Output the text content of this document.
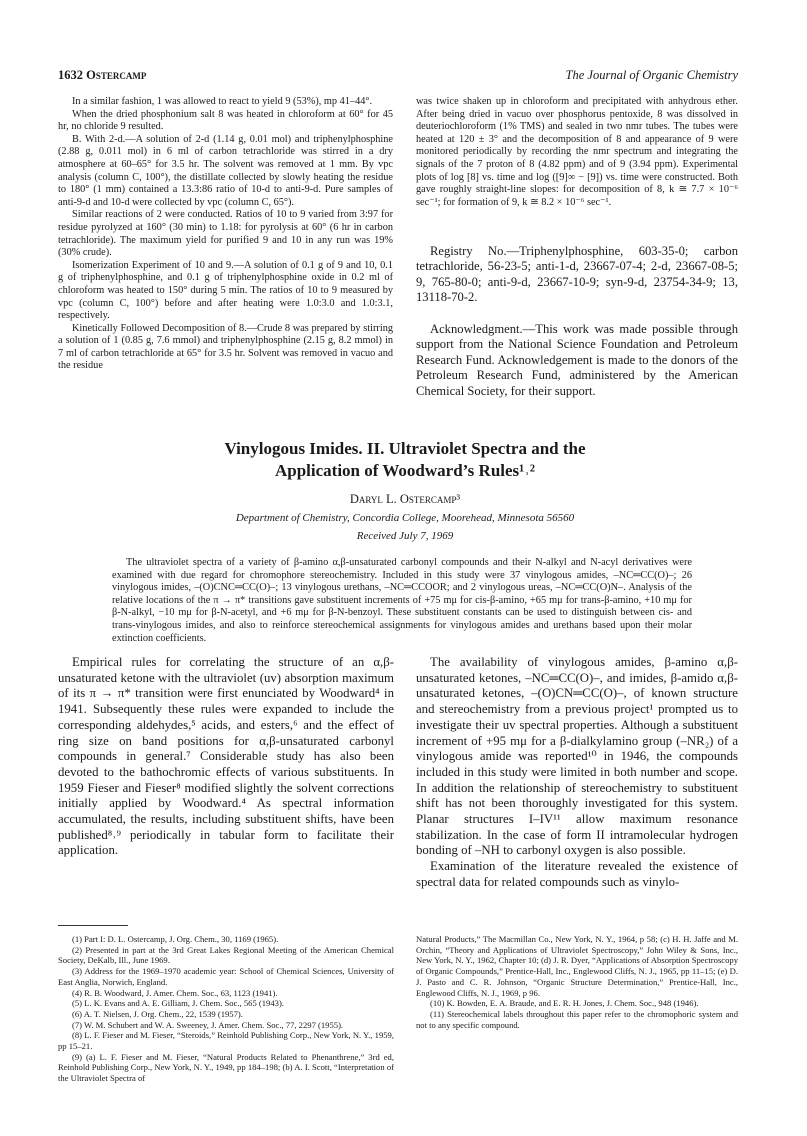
1632 Ostercamp	The Journal of Organic Chemistry

In a similar fashion, 1 was allowed to react to yield 9 (53%), mp 41–44°.

When the dried phosphonium salt 8 was heated in chloroform at 60° for 45 hr, no chloride 9 resulted.

B. With 2-d.—A solution of 2-d (1.14 g, 0.01 mol) and triphenylphosphine (2.88 g, 0.011 mol) in 6 ml of carbon tetrachloride was stirred in a dry atmosphere at 60–65° for 3.5 hr. The solvent was removed at 1 mm. By vpc analysis (column C, 100°), the distillate collected by slowly heating the residue to 180° (1 mm) contained a 13.3:86 ratio of 10-d to anti-9-d. Pure samples of anti-9-d and 10-d were collected by vpc (column C, 65°).

Similar reactions of 2 were conducted. Ratios of 10 to 9 varied from 3:97 for residue pyrolyzed at 160° (30 min) to 1.18: for pyrolysis at 60° (6 hr in carbon tetrachloride). The maximum yield for purified 9 and 10 in any run was 19% (30% crude).

Isomerization Experiment of 10 and 9.—A solution of 0.1 g of 9 and 10, 0.1 g of triphenylphosphine, and 0.1 g of triphenylphosphine oxide in 0.2 ml of chloroform was heated to 150° during 5 min. The ratios of 10 to 9 measured by vpc (column C, 100°) before and after heating were 1.0:3.0 and 1.0:3.1, respectively.

Kinetically Followed Decomposition of 8.—Crude 8 was prepared by stirring a solution of 1 (0.85 g, 7.6 mmol) and triphenylphosphine (2.15 g, 8.2 mmol) in 7 ml of carbon tetrachloride at 65° for 3.5 hr. Solvent was removed in vacuo and the residue

was twice shaken up in chloroform and precipitated with anhydrous ether. After being dried in vacuo over phosphorus pentoxide, 8 was dissolved in deuteriochloroform (1% TMS) and sealed in two nmr tubes. The tubes were heated at 120 ± 3° and the decomposition of 8 and appearance of 9 were monitored periodically by recording the nmr spectrum and integrating the signals of the 7 proton of 8 (4.82 ppm) and of 9 (3.94 ppm). Experimental plots of log [8] vs. time and log ([9]∞ − [9]) vs. time were constructed. Both gave roughly straight-line slopes: for decomposition of 8, k ≅ 7.7 × 10⁻⁶ sec⁻¹; for formation of 9, k ≅ 8.2 × 10⁻⁶ sec⁻¹.

Registry No.—Triphenylphosphine, 603-35-0; carbon tetrachloride, 56-23-5; anti-1-d, 23667-07-4; 2-d, 23667-08-5; 9, 765-80-0; anti-9-d, 23667-10-9; syn-9-d, 23754-34-9; 13, 13118-70-2.

Acknowledgment.—This work was made possible through support from the National Science Foundation and Petroleum Research Fund. Acknowledgement is made to the donors of the Petroleum Research Fund, administered by the American Chemical Society, for their support.

Vinylogous Imides. II. Ultraviolet Spectra and the
Application of Woodward’s Rules¹˒²
Daryl L. Ostercamp³
Department of Chemistry, Concordia College, Moorehead, Minnesota 56560
Received July 7, 1969

The ultraviolet spectra of a variety of β-amino α,β-unsaturated carbonyl compounds and their N-alkyl and N-acyl derivatives were examined with due regard for chromophore stereochemistry. Included in this study were 37 vinylogous amides, –NC═CC(O)–; 26 vinylogous imides, –(O)CNC═CC(O)–; 13 vinylogous urethans, –NC═CCOOR; and 2 vinylogous ureas, –NC═CC(O)N–. Analysis of the relative locations of the π → π* transitions gave substituent increments of +75 mμ for cis-β-amino, +65 mμ for trans-β-amino, +10 mμ for β-N-alkyl, −10 mμ for β-N-acetyl, and +6 mμ for β-N-benzoyl. These substituent constants can be used to distinguish between cis- and trans-vinylogous imides, and also to reinforce stereochemical assignments for vinylogous amides and urethans based upon their molar extinction coefficients.

Empirical rules for correlating the structure of an α,β-unsaturated ketone with the ultraviolet (uv) absorption maximum of its π → π* transition were first enunciated by Woodward⁴ in 1941. Subsequently these rules were expanded to include the corresponding aldehydes,⁵ acids, and esters,⁶ and the effect of ring size on band positions for α,β-unsaturated carbonyl compounds in general.⁷ Considerable study has also been devoted to the bathochromic effects of various substituents. In 1959 Fieser and Fieser⁸ modified slightly the solvent corrections initially applied by Woodward.⁴ As spectral information accumulated, the results, including substituent shifts, have been published⁸˒⁹ periodically in tabular form to facilitate their application.

The availability of vinylogous amides, β-amino α,β-unsaturated ketones, –NC═CC(O)–, and imides, β-amido α,β-unsaturated ketones, –(O)CN═CC(O)–, of known structure and stereochemistry from a previous project¹ prompted us to investigate their uv spectral properties. Although a substituent increment of +95 mμ for a β-dialkylamino group (–NR₂) of a vinylogous amide was reported¹⁰ in 1946, the compounds included in this study were limited in both number and scope. In addition the relationship of stereochemistry to substituent shift has not been thoroughly investigated for this system. Planar structures I–IV¹¹ allow maximum resonance stabilization. In the case of form II intramolecular hydrogen bonding of –NH to carbonyl oxygen is also possible.

Examination of the literature revealed the existence of spectral data for related compounds such as vinylo-

(1) Part I: D. L. Ostercamp, J. Org. Chem., 30, 1169 (1965).

(2) Presented in part at the 3rd Great Lakes Regional Meeting of the American Chemical Society, DeKalb, Ill., June 1969.

(3) Address for the 1969–1970 academic year: School of Chemical Sciences, University of East Anglia, Norwich, England.

(4) R. B. Woodward, J. Amer. Chem. Soc., 63, 1123 (1941).

(5) L. K. Evans and A. E. Gilliam, J. Chem. Soc., 565 (1943).

(6) A. T. Nielsen, J. Org. Chem., 22, 1539 (1957).

(7) W. M. Schubert and W. A. Sweeney, J. Amer. Chem. Soc., 77, 2297 (1955).

(8) L. F. Fieser and M. Fieser, “Steroids,” Reinhold Publishing Corp., New York, N. Y., 1959, pp 15–21.

(9) (a) L. F. Fieser and M. Fieser, “Natural Products Related to Phenanthrene,” 3rd ed, Reinhold Publishing Corp., New York, N. Y., 1949, pp 184–198; (b) A. I. Scott, “Interpretation of the Ultraviolet Spectra of

Natural Products,” The Macmillan Co., New York, N. Y., 1964, p 58; (c) H. H. Jaffe and M. Orchin, “Theory and Applications of Ultraviolet Spectroscopy,” John Wiley & Sons, Inc., New York, N. Y., 1962, Chapter 10; (d) J. R. Dyer, “Applications of Absorption Spectroscopy of Organic Compounds,” Prentice-Hall, Inc., Englewood Cliffs, N. J., 1965, pp 11–15; (e) D. J. Pasto and C. R. Johnson, “Organic Structure Determination,” Prentice-Hall, Inc., Englewood Cliffs, N. J., 1969, p 96.

(10) K. Bowden, E. A. Braude, and E. R. H. Jones, J. Chem. Soc., 948 (1946).

(11) Stereochemical labels throughout this paper refer to the chromophoric system and not to any specific compound.
